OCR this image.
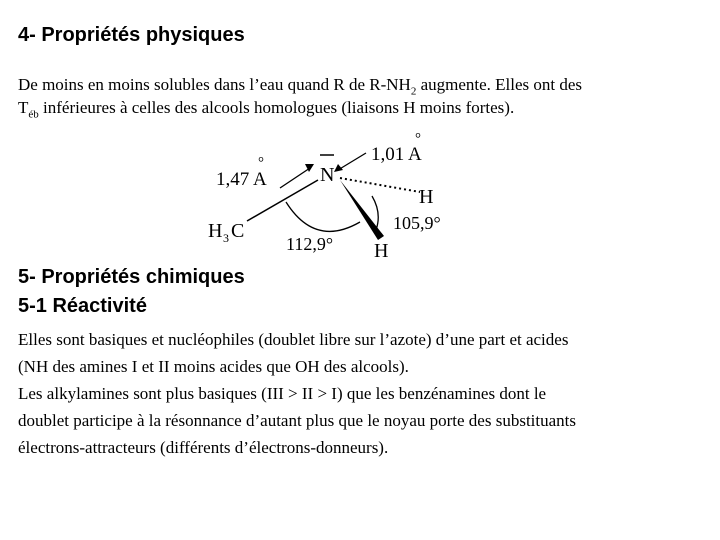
4- Propriétés physiques

De moins en moins solubles dans l’eau quand R de $R-NH_2$ augmente. Elles ont des
$T_{éb}$ inférieures à celles des alcools homologues (liaisons H moins fortes).

N
1,47 A
°	1,01 A
°
H
105,9°
H 3 C
112,9° H
5- Propriétés chimiques
5-1 Réactivité
Elles sont basiques et nucléophiles (doublet libre sur l’azote) d’une part et acides
(NH des amines I et II moins acides que OH des alcools).
Les alkylamines sont plus basiques (III > II > I) que les benzénamines dont le
doublet participe à la résonnance d’autant plus que le noyau porte des substituants
électrons-attracteurs (différents d’électrons-donneurs).
